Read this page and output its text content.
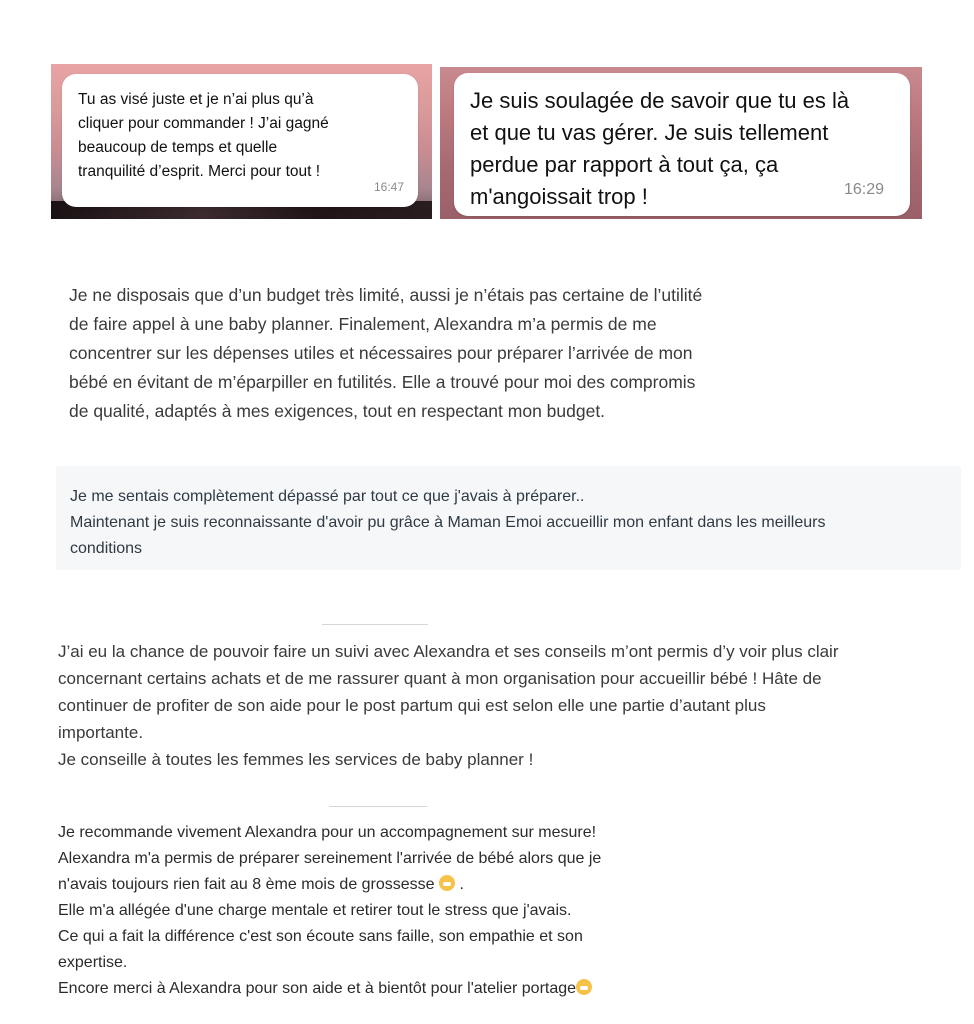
Tu as visé juste et je n’ai plus qu’à
cliquer pour commander ! J’ai gagné
beaucoup de temps et quelle
tranquilité d’esprit. Merci pour tout !
16:47
Je suis soulagée de savoir que tu es là
et que tu vas gérer. Je suis tellement
perdue par rapport à tout ça, ça
m'angoissait trop !	16:29
Je ne disposais que d’un budget très limité, aussi je n’étais pas certaine de l’utilité
de faire appel à une baby planner. Finalement, Alexandra m’a permis de me
concentrer sur les dépenses utiles et nécessaires pour préparer l’arrivée de mon
bébé en évitant de m’éparpiller en futilités. Elle a trouvé pour moi des compromis
de qualité, adaptés à mes exigences, tout en respectant mon budget.
Je me sentais complètement dépassé par tout ce que j'avais à préparer..
Maintenant je suis reconnaissante d'avoir pu grâce à Maman Emoi accueillir mon enfant dans les meilleurs
conditions
J’ai eu la chance de pouvoir faire un suivi avec Alexandra et ses conseils m’ont permis d’y voir plus clair
concernant certains achats et de me rassurer quant à mon organisation pour accueillir bébé ! Hâte de
continuer de profiter de son aide pour le post partum qui est selon elle une partie d’autant plus
importante.
Je conseille à toutes les femmes les services de baby planner !
Je recommande vivement Alexandra pour un accompagnement sur mesure!
Alexandra m'a permis de préparer sereinement l'arrivée de bébé alors que je
n'avais toujours rien fait au 8 ème mois de grossesse  .
Elle m'a allégée d'une charge mentale et retirer tout le stress que j'avais.
Ce qui a fait la différence c'est son écoute sans faille, son empathie et son
expertise.
Encore merci à Alexandra pour son aide et à bientôt pour l'atelier portage
